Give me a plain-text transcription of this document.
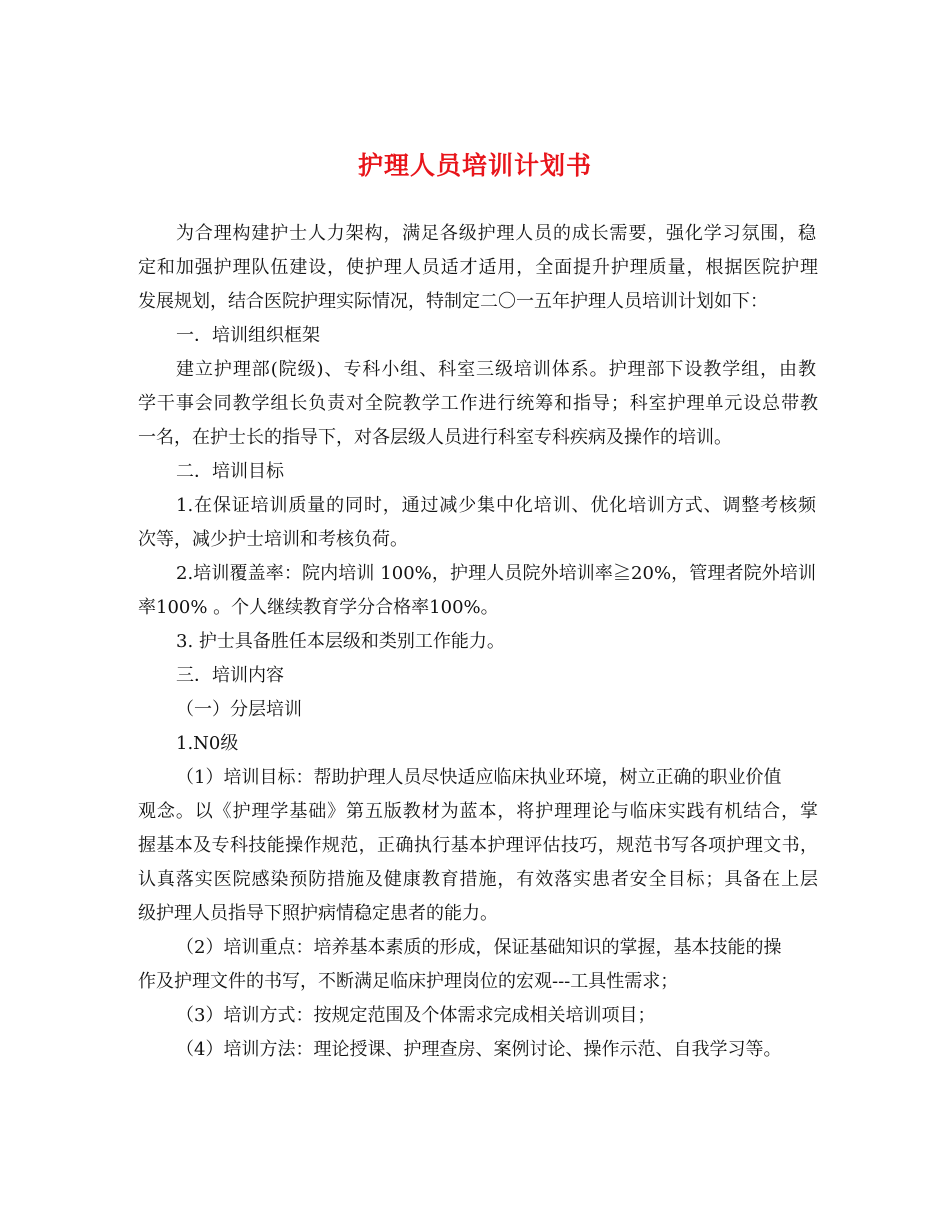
护理人员培训计划书
为合理构建护士人力架构，满足各级护理人员的成长需要，强化学习氛围，稳
定和加强护理队伍建设，使护理人员适才适用，全面提升护理质量，根据医院护理
发展规划，结合医院护理实际情况，特制定二〇一五年护理人员培训计划如下：
一．培训组织框架
建立护理部(院级)、专科小组、科室三级培训体系。护理部下设教学组，由教
学干事会同教学组长负责对全院教学工作进行统筹和指导；科室护理单元设总带教
一名，在护士长的指导下，对各层级人员进行科室专科疾病及操作的培训。
二．培训目标
1.在保证培训质量的同时，通过减少集中化培训、优化培训方式、调整考核频
次等，减少护士培训和考核负荷。
2.培训覆盖率：院内培训 100%，护理人员院外培训率≧20%，管理者院外培训
率100% 。个人继续教育学分合格率100%。
3. 护士具备胜任本层级和类别工作能力。
三．培训内容
（一）分层培训
1.N0级
（1）培训目标：帮助护理人员尽快适应临床执业环境，树立正确的职业价值
观念。以《护理学基础》第五版教材为蓝本，将护理理论与临床实践有机结合，掌
握基本及专科技能操作规范，正确执行基本护理评估技巧，规范书写各项护理文书，
认真落实医院感染预防措施及健康教育措施，有效落实患者安全目标；具备在上层
级护理人员指导下照护病情稳定患者的能力。
（2）培训重点：培养基本素质的形成，保证基础知识的掌握，基本技能的操
作及护理文件的书写，不断满足临床护理岗位的宏观---工具性需求；
（3）培训方式：按规定范围及个体需求完成相关培训项目；
（4）培训方法：理论授课、护理查房、案例讨论、操作示范、自我学习等。
